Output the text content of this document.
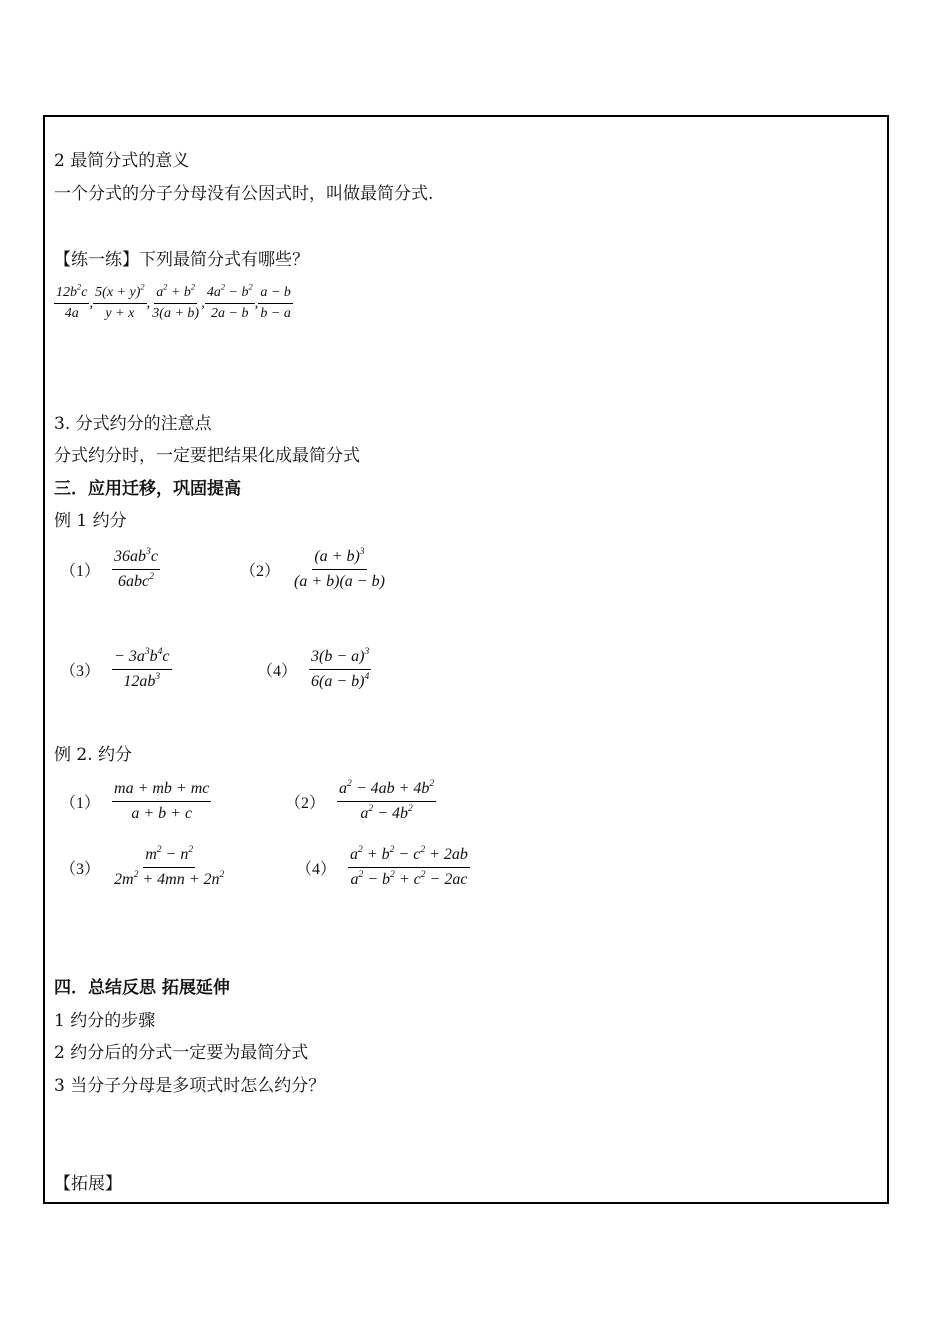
2 最简分式的意义
一个分式的分子分母没有公因式时，叫做最简分式.
【练一练】下列最简分式有哪些？
$\frac{12b^2c}{4a}$ , $\frac{5(x + y)^2}{y + x}$ , $\frac{a^2 + b^2}{3(a + b)}$ , $\frac{4a^2 - b^2}{2a - b}$ , $\frac{a - b}{b - a}$
3. 分式约分的注意点
分式约分时，一定要把结果化成最简分式
三．应用迁移，巩固提高
例 1 约分
$(1) \frac{36ab^3c}{6abc^2}$	$(2) \frac{(a + b)^3}{(a + b)(a - b)}$
$(3) \frac{- 3a^3b^4c}{12ab^3}$	$(4) \frac{3(b - a)^3}{6(a - b)^4}$
例 2. 约分
$(1) \frac{ma + mb + mc}{a + b + c}$	$(2) \frac{a^2 - 4ab + 4b^2}{a^2 - 4b^2}$
$(3) \frac{m^2 - n^2}{2m^2 + 4mn + 2n^2}$	$(4) \frac{a^2 + b^2 - c^2 + 2ab}{a^2 - b^2 + c^2 - 2ac}$
四．总结反思 拓展延伸
1 约分的步骤
2 约分后的分式一定要为最简分式
3 当分子分母是多项式时怎么约分？
【拓展】
